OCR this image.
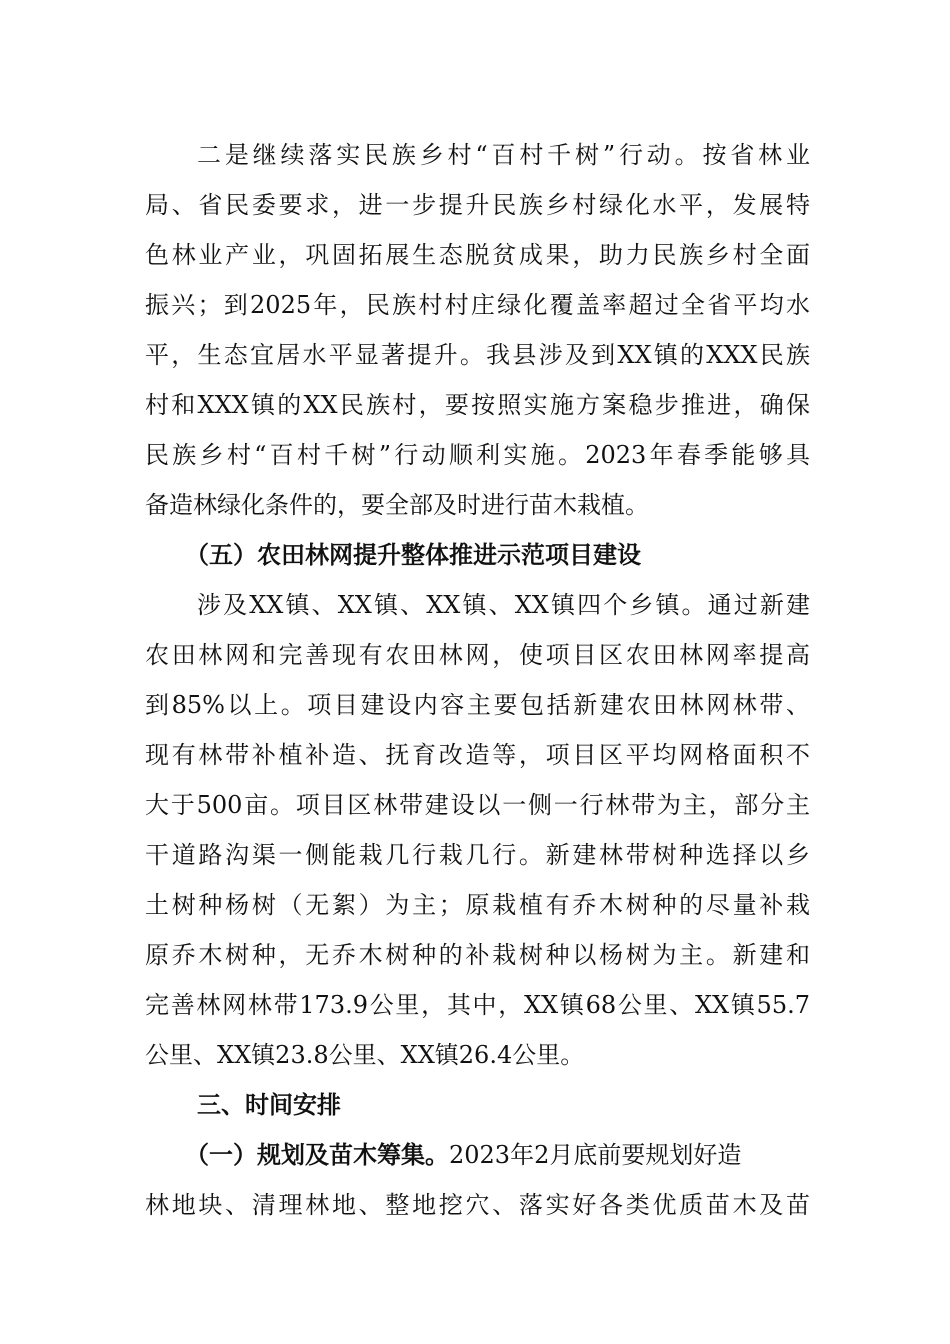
二是继续落实民族乡村“百村千树”行动。按省林业
局、省民委要求，进一步提升民族乡村绿化水平，发展特
色林业产业，巩固拓展生态脱贫成果，助力民族乡村全面
振兴；到2025年，民族村村庄绿化覆盖率超过全省平均水
平，生态宜居水平显著提升。我县涉及到XX镇的XXX民族
村和XXX镇的XX民族村，要按照实施方案稳步推进，确保
民族乡村“百村千树”行动顺利实施。2023年春季能够具
备造林绿化条件的，要全部及时进行苗木栽植。
（五）农田林网提升整体推进示范项目建设
涉及XX镇、XX镇、XX镇、XX镇四个乡镇。通过新建
农田林网和完善现有农田林网，使项目区农田林网率提高
到85%以上。项目建设内容主要包括新建农田林网林带、
现有林带补植补造、抚育改造等，项目区平均网格面积不
大于500亩。项目区林带建设以一侧一行林带为主，部分主
干道路沟渠一侧能栽几行栽几行。新建林带树种选择以乡
土树种杨树（无絮）为主；原栽植有乔木树种的尽量补栽
原乔木树种，无乔木树种的补栽树种以杨树为主。新建和
完善林网林带173.9公里，其中，XX镇68公里、XX镇55.7
公里、XX镇23.8公里、XX镇26.4公里。
三、时间安排
（一）规划及苗木筹集。2023年2月底前要规划好造
林地块、清理林地、整地挖穴、落实好各类优质苗木及苗
